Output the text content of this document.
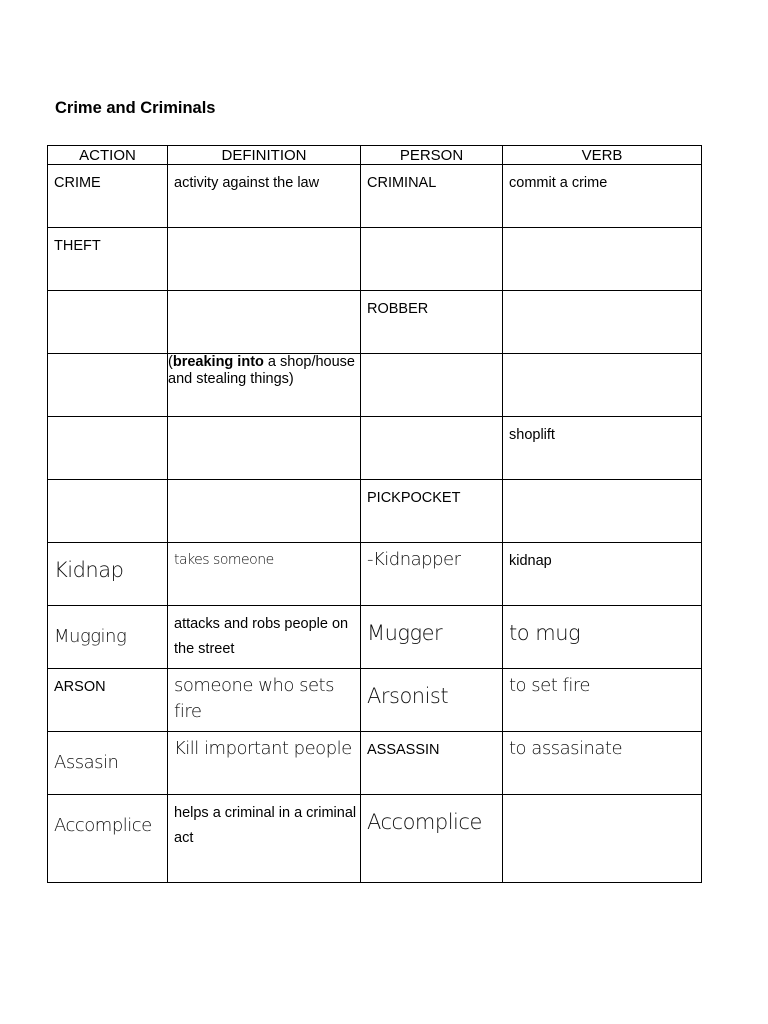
Crime and Criminals
ACTION	DEFINITION	PERSON	VERB

CRIME	activity against the law	CRIMINAL	commit a crime

THEFT			

		ROBBER	

	(breaking into a shop/house and stealing things)		

			shoplift

		PICKPOCKET	

Kidnap	takes someone	-Kidnapper	kidnap

Mugging	attacks and robs people on the street	Mugger	to mug

ARSON	someone who sets fire	Arsonist	to set fire

Assasin	Kill important people	ASSASSIN	to assasinate

Accomplice	helps a criminal in a criminal act	Accomplice	
